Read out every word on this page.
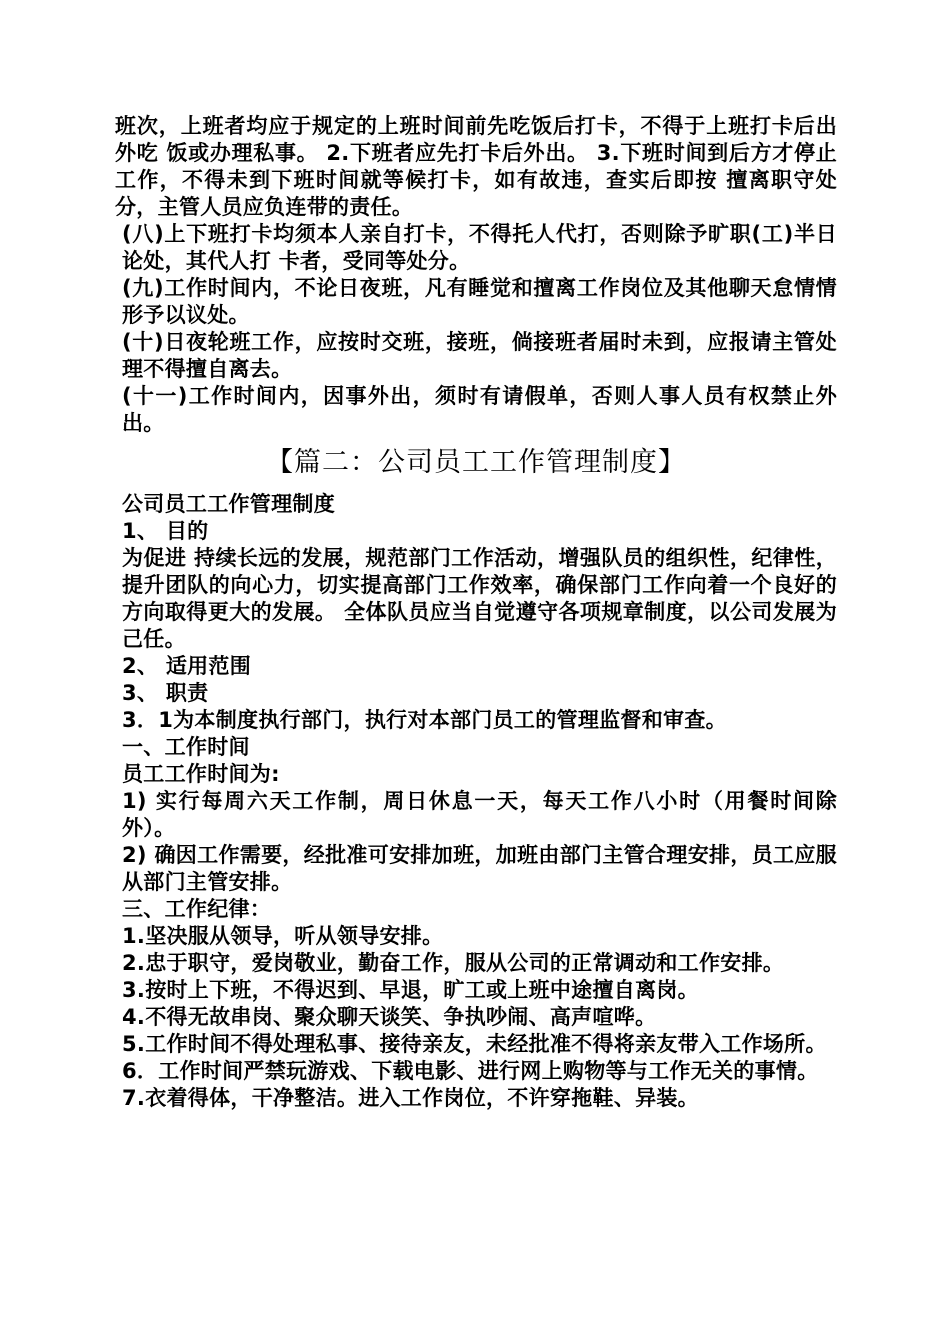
班次，上班者均应于规定的上班时间前先吃饭后打卡，不得于上班打卡后出外吃 饭或办理私事。 2.下班者应先打卡后外出。 3.下班时间到后方才停止工作，不得未到下班时间就等候打卡，如有故违，查实后即按 擅离职守处分，主管人员应负连带的责任。

(八)上下班打卡均须本人亲自打卡，不得托人代打，否则除予旷职(工)半日论处，其代人打 卡者，受同等处分。

(九)工作时间内，不论日夜班，凡有睡觉和擅离工作岗位及其他聊天怠情情形予以议处。

(十)日夜轮班工作，应按时交班，接班，倘接班者届时未到，应报请主管处理不得擅自离去。

(十一)工作时间内，因事外出，须时有请假单，否则人事人员有权禁止外出。

【篇二：公司员工工作管理制度】

公司员工工作管理制度

1、 目的

为促进 持续长远的发展，规范部门工作活动，增强队员的组织性，纪律性，提升团队的向心力，切实提高部门工作效率，确保部门工作向着一个良好的方向取得更大的发展。 全体队员应当自觉遵守各项规章制度，以公司发展为己任。

2、 适用范围

3、 职责

3．1为本制度执行部门，执行对本部门员工的管理监督和审查。

一、工作时间

员工工作时间为:

1) 实行每周六天工作制，周日休息一天，每天工作八小时（用餐时间除外）。

2) 确因工作需要，经批准可安排加班，加班由部门主管合理安排，员工应服从部门主管安排。

三、工作纪律：

1.坚决服从领导，听从领导安排。

2.忠于职守，爱岗敬业，勤奋工作，服从公司的正常调动和工作安排。

3.按时上下班，不得迟到、早退，旷工或上班中途擅自离岗。

4.不得无故串岗、聚众聊天谈笑、争执吵闹、高声喧哗。

5.工作时间不得处理私事、接待亲友，未经批准不得将亲友带入工作场所。

6．工作时间严禁玩游戏、下载电影、进行网上购物等与工作无关的事情。

7.衣着得体，干净整洁。进入工作岗位，不许穿拖鞋、异装。
